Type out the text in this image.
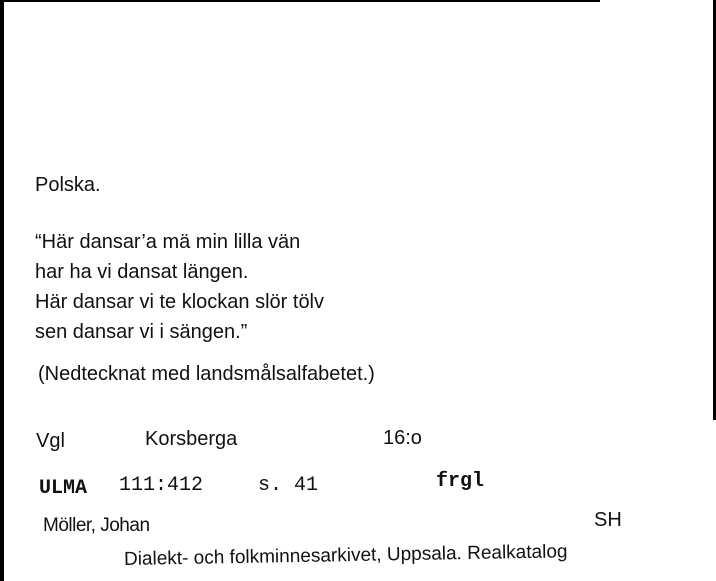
Polska.
“Här dansar’a mä min lilla vän
har ha vi dansat längen.
Här dansar vi te klockan slör tölv
sen dansar vi i sängen.”
(Nedtecknat med landsmålsalfabetet.)
Vgl	Korsberga	16:o
ULMA 111:412	s. 41	frgl
Möller, Johan	SH
Dialekt- och folkminnesarkivet, Uppsala. Realkatalog
